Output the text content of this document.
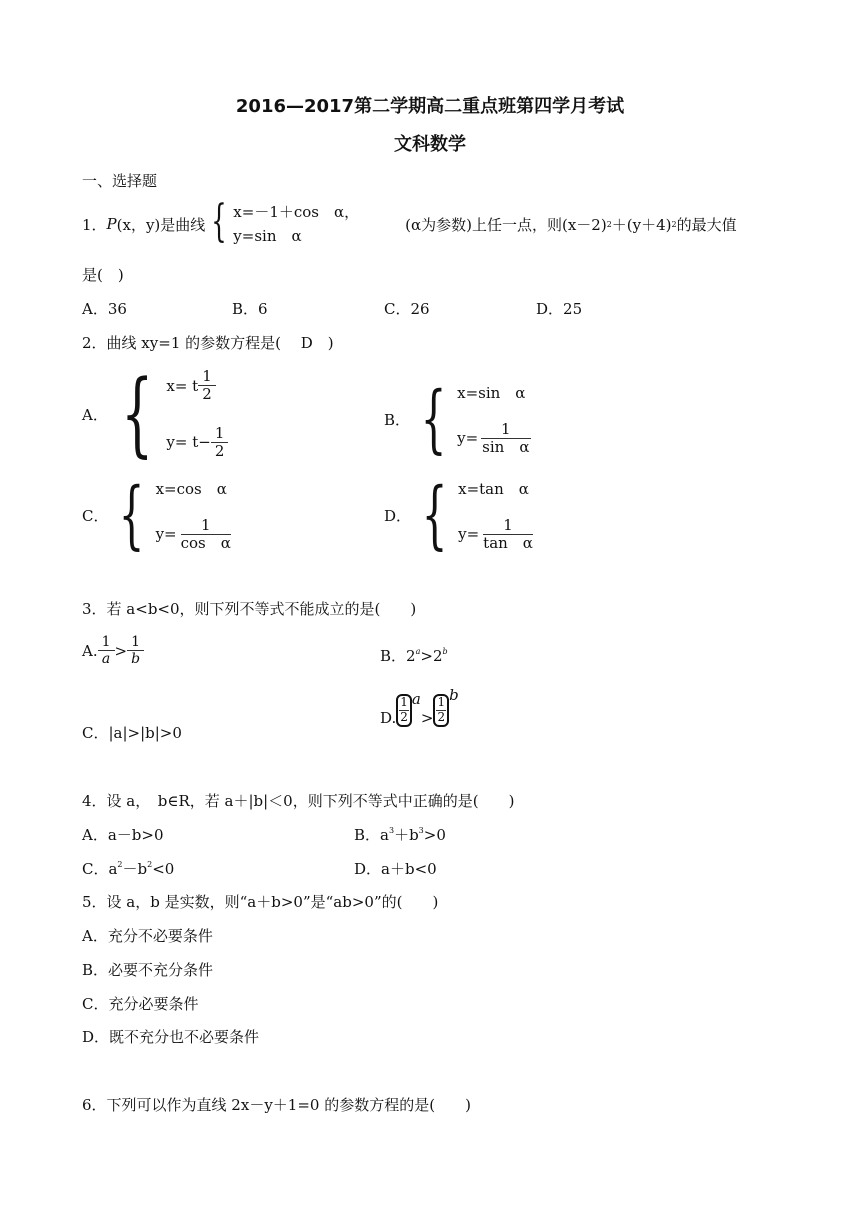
2016—2017第二学期高二重点班第四学月考试
文科数学
一、选择题
1． P (x，y) 是曲线 { x=－1＋cos　α，
y=sin　α
(α为参数)上任一点，则(x－2) 2 ＋(y＋4) 2 的最大值
是(　)
A．36	B．6	C．26	D．25
2．曲线 xy=1 的参数方程是(　 D　)
A． { x= t $\frac{1}{2}$
$y= t- \frac{1}{2}$
B． { x=sin　α
$y= \frac{1}{\text{sin　α}}$
C． { x=cos　α
$y= \frac{1}{\text{cos　α}}$
D． { x=tan　α
$y= \frac{1}{\text{tan　α}}$
3．若 a<b<0，则下列不等式不能成立的是(　　)
A. $\frac{1}{a} > \frac{1}{b}$	B．$2^a>2^b$
C．|a|>|b|>0
D. $\frac{1}{2}$ a
> $\frac{1}{2}$
b
4．设 a，　b∈R，若 a＋|b|＜0，则下列不等式中正确的是(　　)
A．a－b>0	B．$a^3+b^3>0$
C．$a^2-b^2<0$	D．a＋b<0
5．设 a，b 是实数，则“a＋b>0”是“ab>0”的(　　)
A．充分不必要条件
B．必要不充分条件
C．充分必要条件
D．既不充分也不必要条件
6．下列可以作为直线 2x－y＋1=0 的参数方程的是(　　)
